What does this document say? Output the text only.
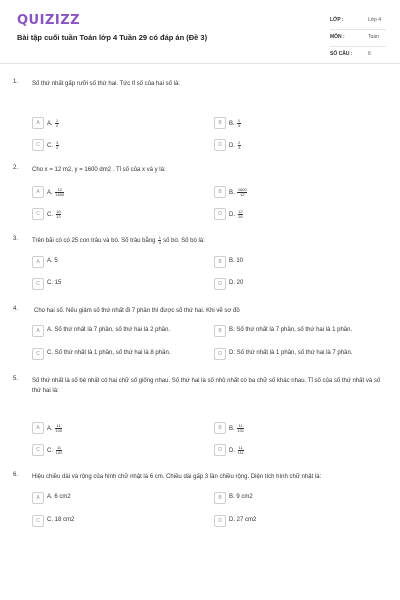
QUIZIZZ
Bài tập cuối tuần Toán lớp 4 Tuần 29 có đáp án (Đề 3)
LỚP :	Lớp 4
MÔN :	Toán
SỐ CÂU :	6
1. Số thứ nhất gấp rưỡi số thứ hai. Tức tỉ số của hai số là:
A	A. $\frac{1}{2}$	B	B. $\frac{1}{3}$
C	C. $\frac{3}{2}$	D	D. $\frac{2}{3}$
2. Cho x = 12 m2, y = 1600 dm2 . Tỉ số của x và y là:
A	A. $\frac{12}{1600}$	B	B. $\frac{1600}{12}$
C	C. $\frac{16}{12}$	D	D. $\frac{12}{16}$
3. Trên bãi có có 25 con trâu và bò. Số trâu bằng $\frac{1}{4}$ số bò. Số bò là:
A	A. 5	B	B. 10
C	C. 15	D	D. 20
4.	Cho hai số. Nếu giảm số thứ nhất đi 7 phần thì được số thứ hai. Khi vẽ sơ đồ
A	A. Số thứ nhất là 7 phần, số thứ hai là 2 phần.	B	B. Số thứ nhất là 7 phần, số thứ hai là 1 phần.
C	C. Số thứ nhất là 1 phần, số thứ hai là 8 phần.	D	D. Số thứ nhất là 1 phần, số thứ hai là 7 phần.
5. Số thứ nhất là số bé nhất có hai chữ số giống nhau. Số thứ hai là số nhỏ nhất có ba chữ số khác nhau. Tỉ số của số thứ nhất và số thứ hai là:
A	A. $\frac{11}{100}$	B	B. $\frac{11}{101}$
C	C. $\frac{11}{102}$	D	D. $\frac{11}{111}$
6. Hiệu chiều dài và rộng của hình chữ nhật là 6 cm. Chiều dài gấp 3 lần chiều rộng. Diện tích hình chữ nhật là:
A	A. 6 cm2	B	B. 9 cm2
C	C. 18 cm2	D	D. 27 cm2
